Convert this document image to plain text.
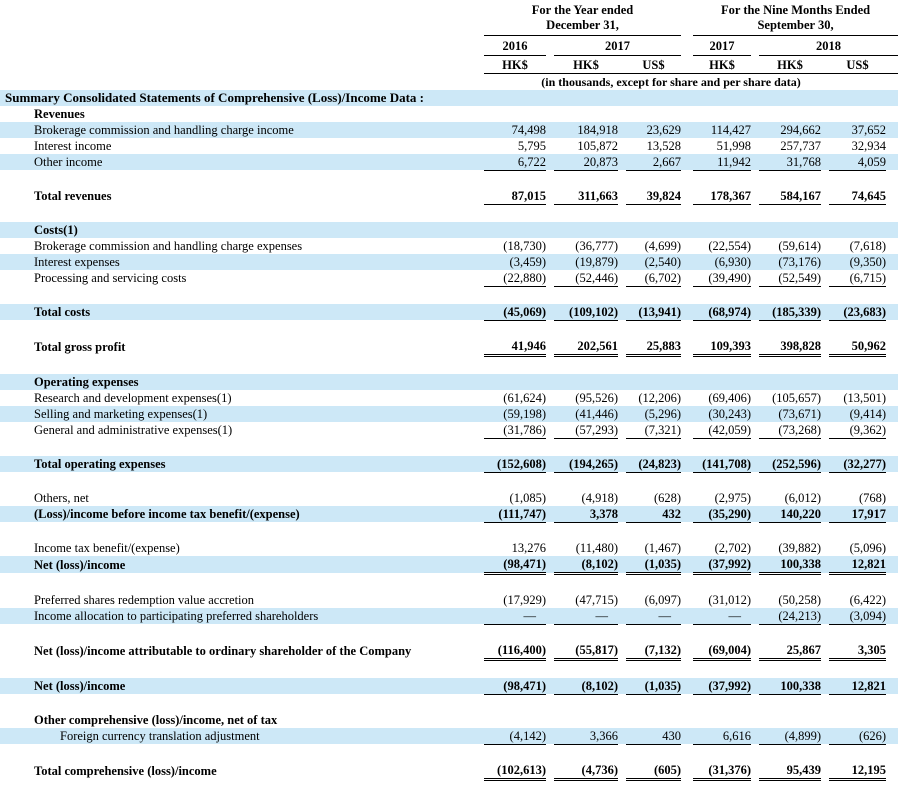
For the Year ended
December 31,

For the Nine Months Ended
September 30,

	2016		2017				2017		2018			
	HK$		HK$		US$		HK$		HK$		US$	
	(in thousands, except for share and per share data)											
Summary Consolidated Statements of Comprehensive (Loss)/Income Data :												
Revenues												
Brokerage commission and handling charge income	74,498		184,918		23,629		114,427		294,662		37,652	
Interest income	5,795		105,872		13,528		51,998		257,737		32,934	
Other income	6,722		20,873		2,667		11,942		31,768		4,059	

Total revenues	87,015		311,663		39,824		178,367		584,167		74,645	

Costs(1)												
Brokerage commission and handling charge expenses	(18,730)		(36,777)		(4,699)		(22,554)		(59,614)		(7,618)	
Interest expenses	(3,459)		(19,879)		(2,540)		(6,930)		(73,176)		(9,350)	
Processing and servicing costs	(22,880)		(52,446)		(6,702)		(39,490)		(52,549)		(6,715)	

Total costs	(45,069)		(109,102)		(13,941)		(68,974)		(185,339)		(23,683)	

Total gross profit	41,946		202,561		25,883		109,393		398,828		50,962	

Operating expenses												
Research and development expenses(1)	(61,624)		(95,526)		(12,206)		(69,406)		(105,657)		(13,501)	
Selling and marketing expenses(1)	(59,198)		(41,446)		(5,296)		(30,243)		(73,671)		(9,414)	
General and administrative expenses(1)	(31,786)		(57,293)		(7,321)		(42,059)		(73,268)		(9,362)	

Total operating expenses	(152,608)		(194,265)		(24,823)		(141,708)		(252,596)		(32,277)	

Others, net	(1,085)		(4,918)		(628)		(2,975)		(6,012)		(768)	
(Loss)/income before income tax benefit/(expense)	(111,747)		3,378		432		(35,290)		140,220		17,917	

Income tax benefit/(expense)	13,276		(11,480)		(1,467)		(2,702)		(39,882)		(5,096)	
Net (loss)/income	(98,471)		(8,102)		(1,035)		(37,992)		100,338		12,821	

Preferred shares redemption value accretion	(17,929)		(47,715)		(6,097)		(31,012)		(50,258)		(6,422)	
Income allocation to participating preferred shareholders	—		—		—		—		(24,213)		(3,094)	

Net (loss)/income attributable to ordinary shareholder of the Company	(116,400)		(55,817)		(7,132)		(69,004)		25,867		3,305	

Net (loss)/income	(98,471)		(8,102)		(1,035)		(37,992)		100,338		12,821	

Other comprehensive (loss)/income, net of tax												
Foreign currency translation adjustment	(4,142)		3,366		430		6,616		(4,899)		(626)	

Total comprehensive (loss)/income	(102,613)		(4,736)		(605)		(31,376)		95,439		12,195	
